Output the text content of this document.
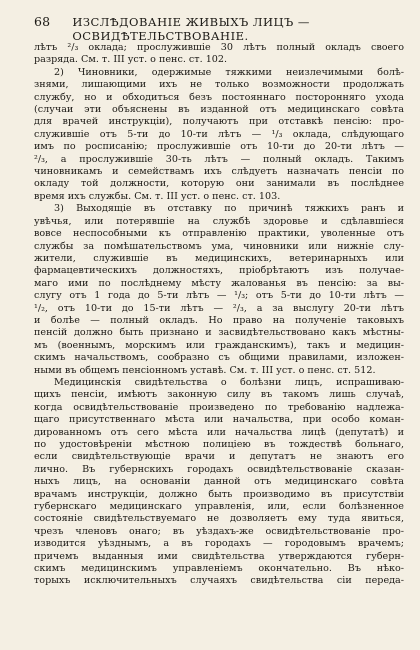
68 ИЗСЛѢДОВАНІЕ ЖИВЫХЪ ЛИЦЪ — ОСВИДѢТЕЛЬСТВОВАНІЕ.
лѣтъ ²/₃ оклада; прослужившіе 30 лѣтъ полный окладъ своего
разряда. См. т. III уст. о пенс. ст. 102.
2) Чиновники, одержимые тяжкими неизлечимыми болѣ-
знями, лишающими ихъ не только возможности продолжать
службу, но и обходиться безъ постояннаго посторонняго ухода
(случаи эти объяснены въ изданной отъ медицинскаго совѣта
для врачей инструкціи), получаютъ при отставкѣ пенсію: про-
служившіе отъ 5-ти до 10-ти лѣтъ — ¹/₃ оклада, слѣдующаго
имъ по росписанію; прослужившіе отъ 10-ти до 20-ти лѣтъ —
²/₃, а прослужившіе 30-ть лѣтъ — полный окладъ. Такимъ
чиновникамъ и семействамъ ихъ слѣдуетъ назначать пенсіи по
окладу той должности, которую они занимали въ послѣднее
время ихъ службы. См. т. III уст. о пенс. ст. 103.
3) Выходящіе въ отставку по причинѣ тяжкихъ ранъ и
увѣчья, или потерявшіе на службѣ здоровье и сдѣлавшіеся
вовсе неспособными къ отправленію практики, уволенные отъ
службы за помѣшательствомъ ума, чиновники или нижніе слу-
жители, служившіе въ медицинскихъ, ветеринарныхъ или
фармацевтическихъ должностяхъ, пріобрѣтаютъ изъ получае-
маго ими по послѣднему мѣсту жалованья въ пенсію: за вы-
слугу отъ 1 года до 5-ти лѣтъ — ¹/₃; отъ 5-ти до 10-ти лѣтъ —
¹/₂, отъ 10-ти до 15-ти лѣтъ — ²/₃, а за выслугу 20-ти лѣтъ
и болѣе — полный окладъ. Но право на полученіе таковыхъ
пенсій должно быть признано и засвидѣтельствовано какъ мѣстны-
мъ (военнымъ, морскимъ или гражданскимъ), такъ и медицин-
скимъ начальствомъ, сообразно съ общими правилами, изложен-
ными въ общемъ пенсіонномъ уставѣ. См. т. III уст. о пенс. ст. 512.
Медицинскія свидѣтельства о болѣзни лицъ, испрашиваю-
щихъ пенсіи, имѣютъ законную силу въ такомъ лишь случаѣ,
когда освидѣтельствованіе произведено по требованію надлежа-
щаго присутственнаго мѣста или начальства, при особо коман-
дированномъ отъ сего мѣста или начальства лицѣ (депутатѣ) и
по удостовѣреніи мѣстною полиціею въ тождествѣ больнаго,
если свидѣтельствующіе врачи и депутатъ не знаютъ его
лично. Въ губернскихъ городахъ освидѣтельствованіе сказан-
ныхъ лицъ, на основаніи данной отъ медицинскаго совѣта
врачамъ инструкціи, должно быть производимо въ присутствіи
губернскаго медицинскаго управленія, или, если болѣзненное
состояніе свидѣтельствуемаго не дозволяетъ ему туда явиться,
чрезъ членовъ онаго; въ уѣздахъ-же освидѣтельствованіе про-
изводится уѣзднымъ, а въ городахъ — городовымъ врачемъ;
причемъ выданныя ими свидѣтельства утверждаются губерн-
скимъ медицинскимъ управленіемъ окончательно. Въ нѣко-
торыхъ исключительныхъ случаяхъ свидѣтельства сіи переда-
